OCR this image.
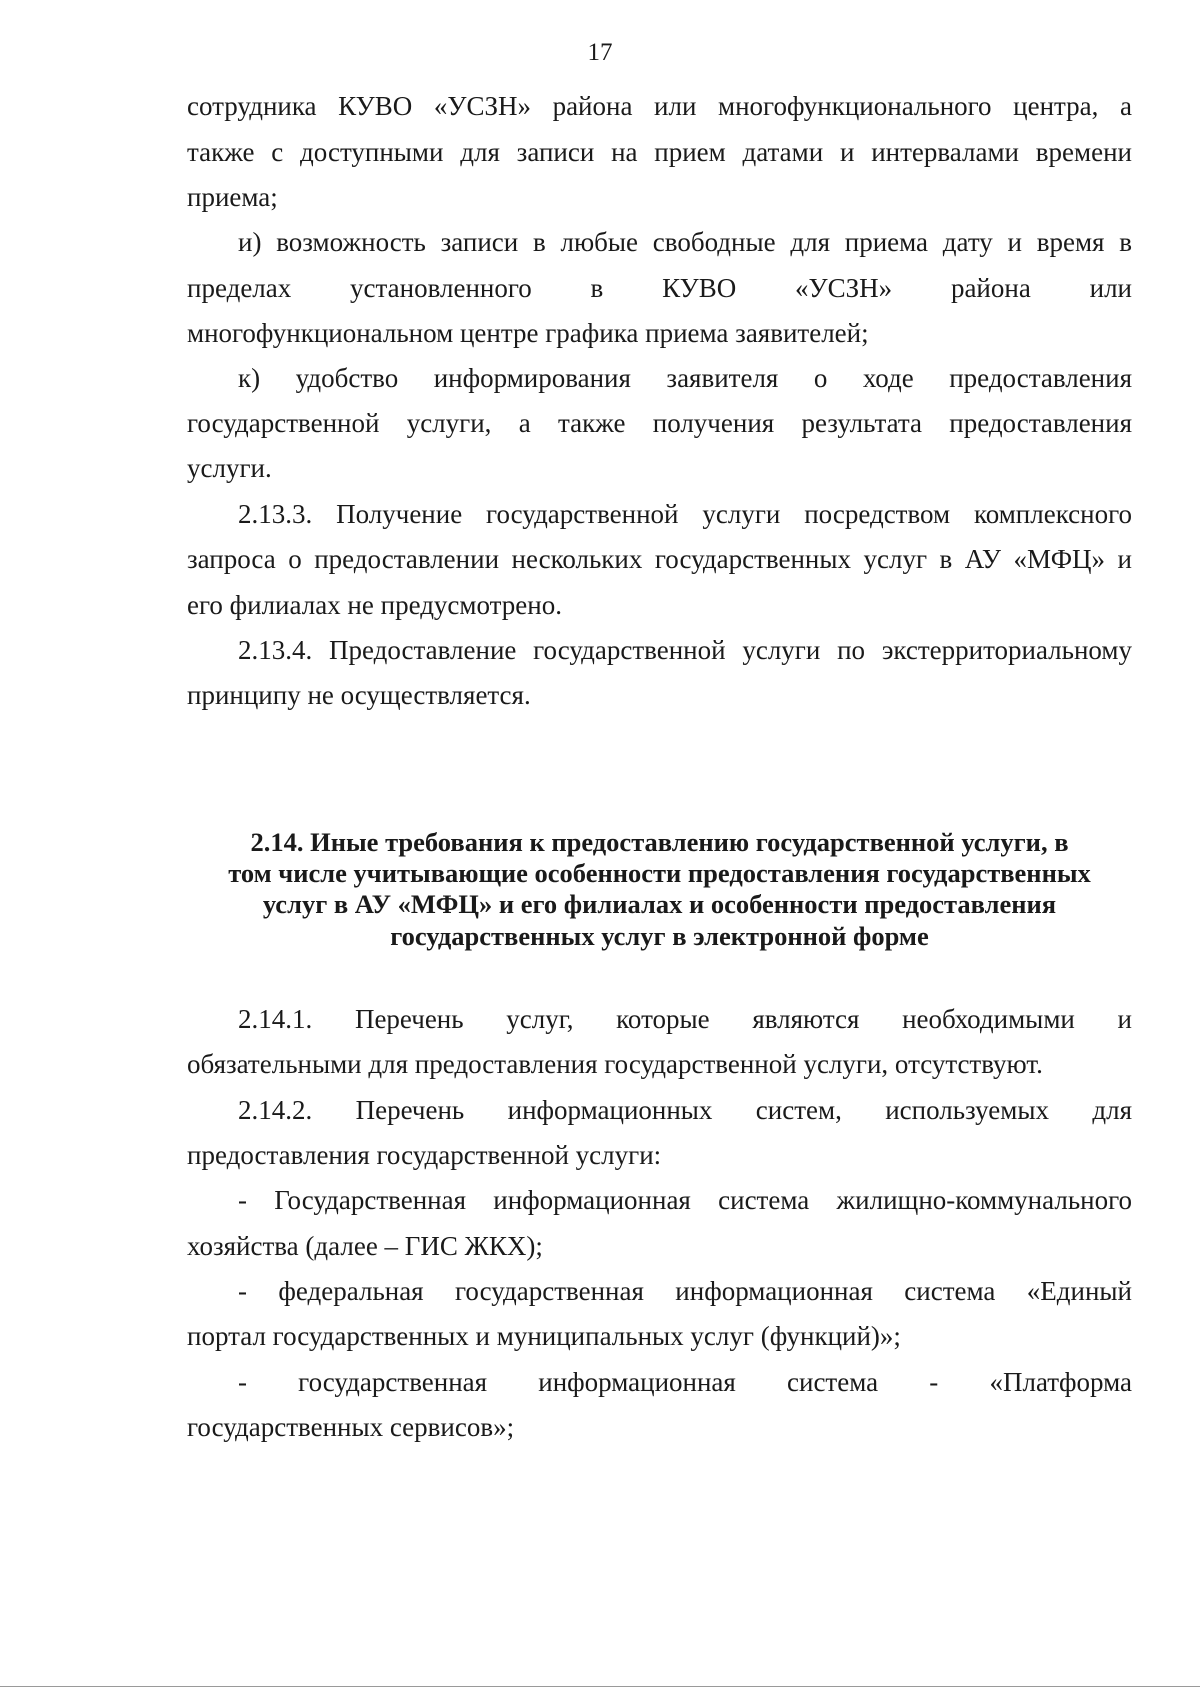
17
сотрудника КУВО «УСЗН» района или многофункционального центра, а
также с доступными для записи на прием датами и интервалами времени
приема;
и) возможность записи в любые свободные для приема дату и время в
пределах установленного в КУВО «УСЗН» района или
многофункциональном центре графика приема заявителей;
к) удобство информирования заявителя о ходе предоставления
государственной услуги, а также получения результата предоставления
услуги.
2.13.3. Получение государственной услуги посредством комплексного
запроса о предоставлении нескольких государственных услуг в АУ «МФЦ» и
его филиалах не предусмотрено.
2.13.4. Предоставление государственной услуги по экстерриториальному
принципу не осуществляется.
2.14. Иные требования к предоставлению государственной услуги, в
том числе учитывающие особенности предоставления государственных
услуг в АУ «МФЦ» и его филиалах и особенности предоставления
государственных услуг в электронной форме
2.14.1. Перечень услуг, которые являются необходимыми и
обязательными для предоставления государственной услуги, отсутствуют.
2.14.2. Перечень информационных систем, используемых для
предоставления государственной услуги:
- Государственная информационная система жилищно-коммунального
хозяйства (далее – ГИС ЖКХ);
- федеральная государственная информационная система «Единый
портал государственных и муниципальных услуг (функций)»;
- государственная информационная система - «Платформа
государственных сервисов»;
